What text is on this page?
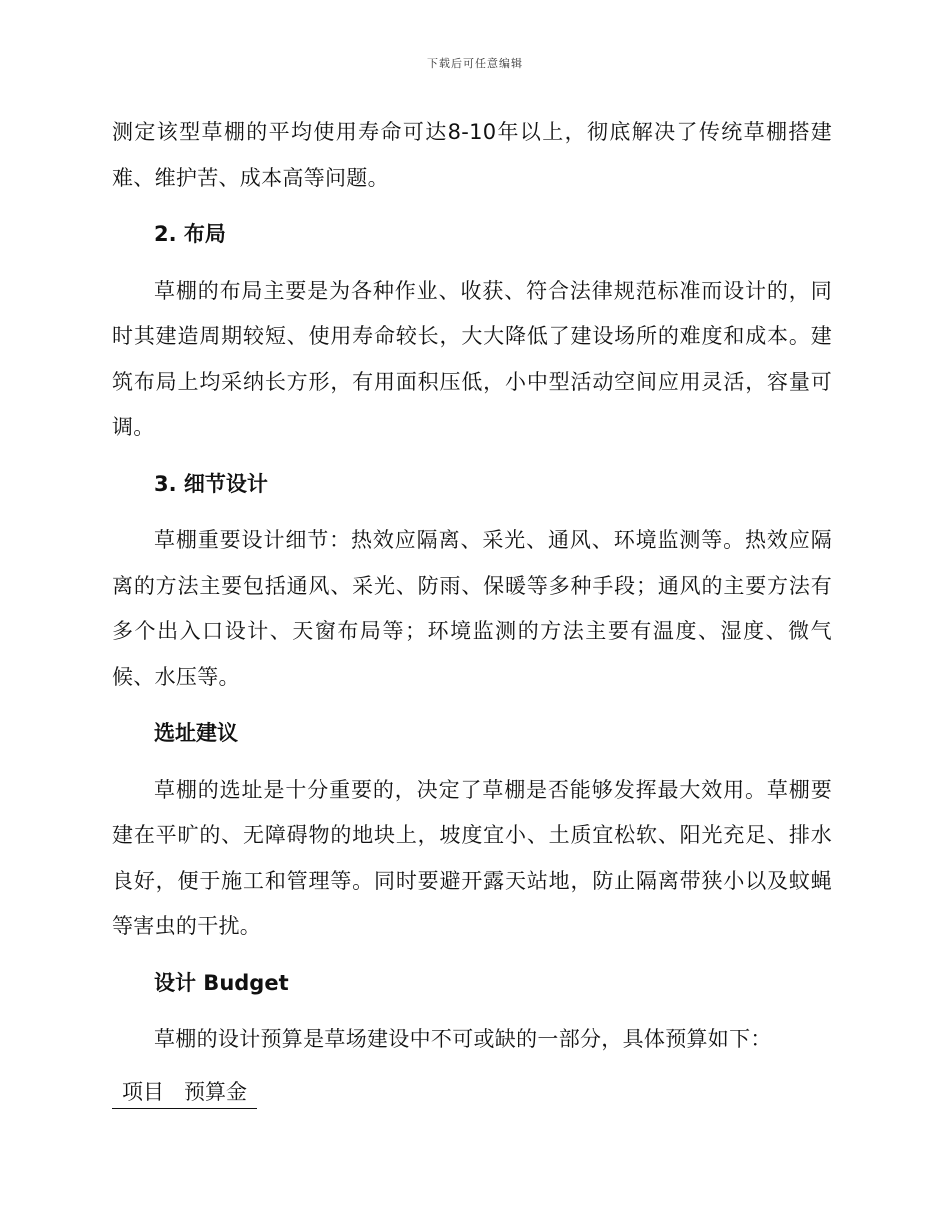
下载后可任意编辑

测定该型草棚的平均使用寿命可达8-10年以上，彻底解决了传统草棚搭建难、维护苦、成本高等问题。

2. 布局

草棚的布局主要是为各种作业、收获、符合法律规范标准而设计的，同时其建造周期较短、使用寿命较长，大大降低了建设场所的难度和成本。建筑布局上均采纳长方形，有用面积压低，小中型活动空间应用灵活，容量可调。

3. 细节设计

草棚重要设计细节：热效应隔离、采光、通风、环境监测等。热效应隔离的方法主要包括通风、采光、防雨、保暖等多种手段；通风的主要方法有多个出入口设计、天窗布局等；环境监测的方法主要有温度、湿度、微气候、水压等。

选址建议

草棚的选址是十分重要的，决定了草棚是否能够发挥最大效用。草棚要建在平旷的、无障碍物的地块上，坡度宜小、土质宜松软、阳光充足、排水良好，便于施工和管理等。同时要避开露天站地，防止隔离带狭小以及蚊蝇等害虫的干扰。

设计 Budget

草棚的设计预算是草场建设中不可或缺的一部分，具体预算如下：

项目	预算金
